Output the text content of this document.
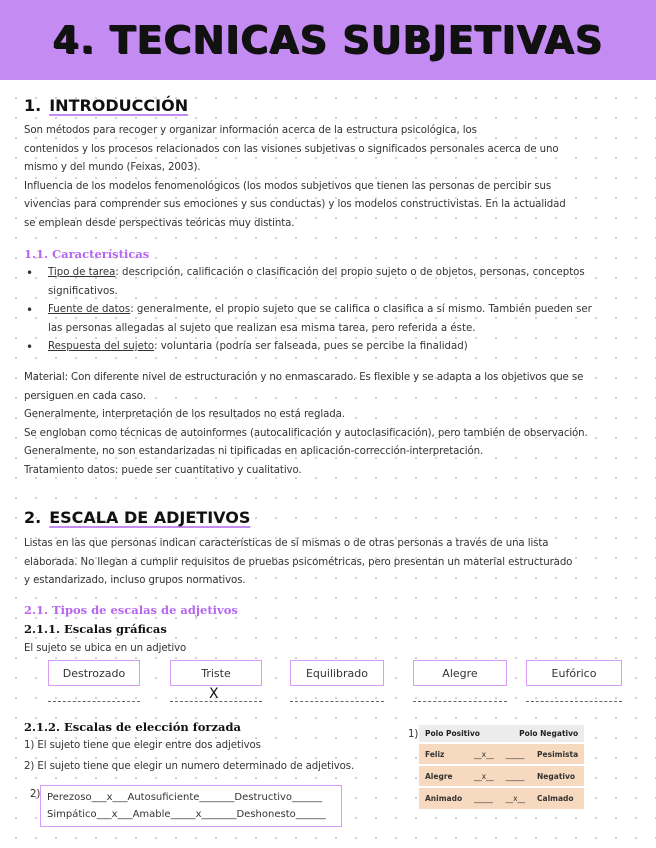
4. TECNICAS SUBJETIVAS
1. INTRODUCCIÓN
Son métodos para recoger y organizar información acerca de la estructura psicológica, los
contenidos y los procesos relacionados con las visiones subjetivas o significados personales acerca de uno
mismo y del mundo (Feixas, 2003).
Influencia de los modelos fenomenológicos (los modos subjetivos que tienen las personas de percibir sus
vivencias para comprender sus emociones y sus conductas) y los modelos constructivistas. En la actualidad
se emplean desde perspectivas teóricas muy distinta.
1.1. Características
• Tipo de tarea: descripción, calificación o clasificación del propio sujeto o de objetos, personas, conceptos
significativos.
• Fuente de datos: generalmente, el propio sujeto que se califica o clasifica a sí mismo. También pueden ser
las personas allegadas al sujeto que realizan esa misma tarea, pero referida a éste.
• Respuesta del sujeto: voluntaria (podría ser falseada, pues se percibe la finalidad)
Material: Con diferente nivel de estructuración y no enmascarado. Es flexible y se adapta a los objetivos que se
persiguen en cada caso.
Generalmente, interpretación de los resultados no está reglada.
Se engloban como técnicas de autoinformes (autocalificación y autoclasificación), pero también de observación.
Generalmente, no son estandarizadas ni tipificadas en aplicación-corrección-interpretación.
Tratamiento datos: puede ser cuantitativo y cualitativo.
2. ESCALA DE ADJETIVOS
Listas en las que personas indican características de sí mismas o de otras personas a través de una lista
elaborada. No llegan a cumplir requisitos de pruebas psicométricas, pero presentan un material estructurado
y estandarizado, incluso grupos normativos.
2.1. Tipos de escalas de adjetivos
2.1.1. Escalas gráficas
El sujeto se ubica en un adjetivo
Destrozado	Triste	Equilibrado	Alegre	Eufórico
X
2.1.2. Escalas de elección forzada
1) El sujeto tiene que elegir entre dos adjetivos
2) El sujeto tiene que elegir un numero determinado de adjetivos.
1) Polo Positivo		Polo Negativo	
Feliz	__x__	_____	Pesimista
Alegre	__x__	_____	Negativo
Animado	_____	__x__	Calmado
2) Perezoso___x___Autosuficiente_______Destructivo______
Simpático___x___Amable_____x_______Deshonesto______
